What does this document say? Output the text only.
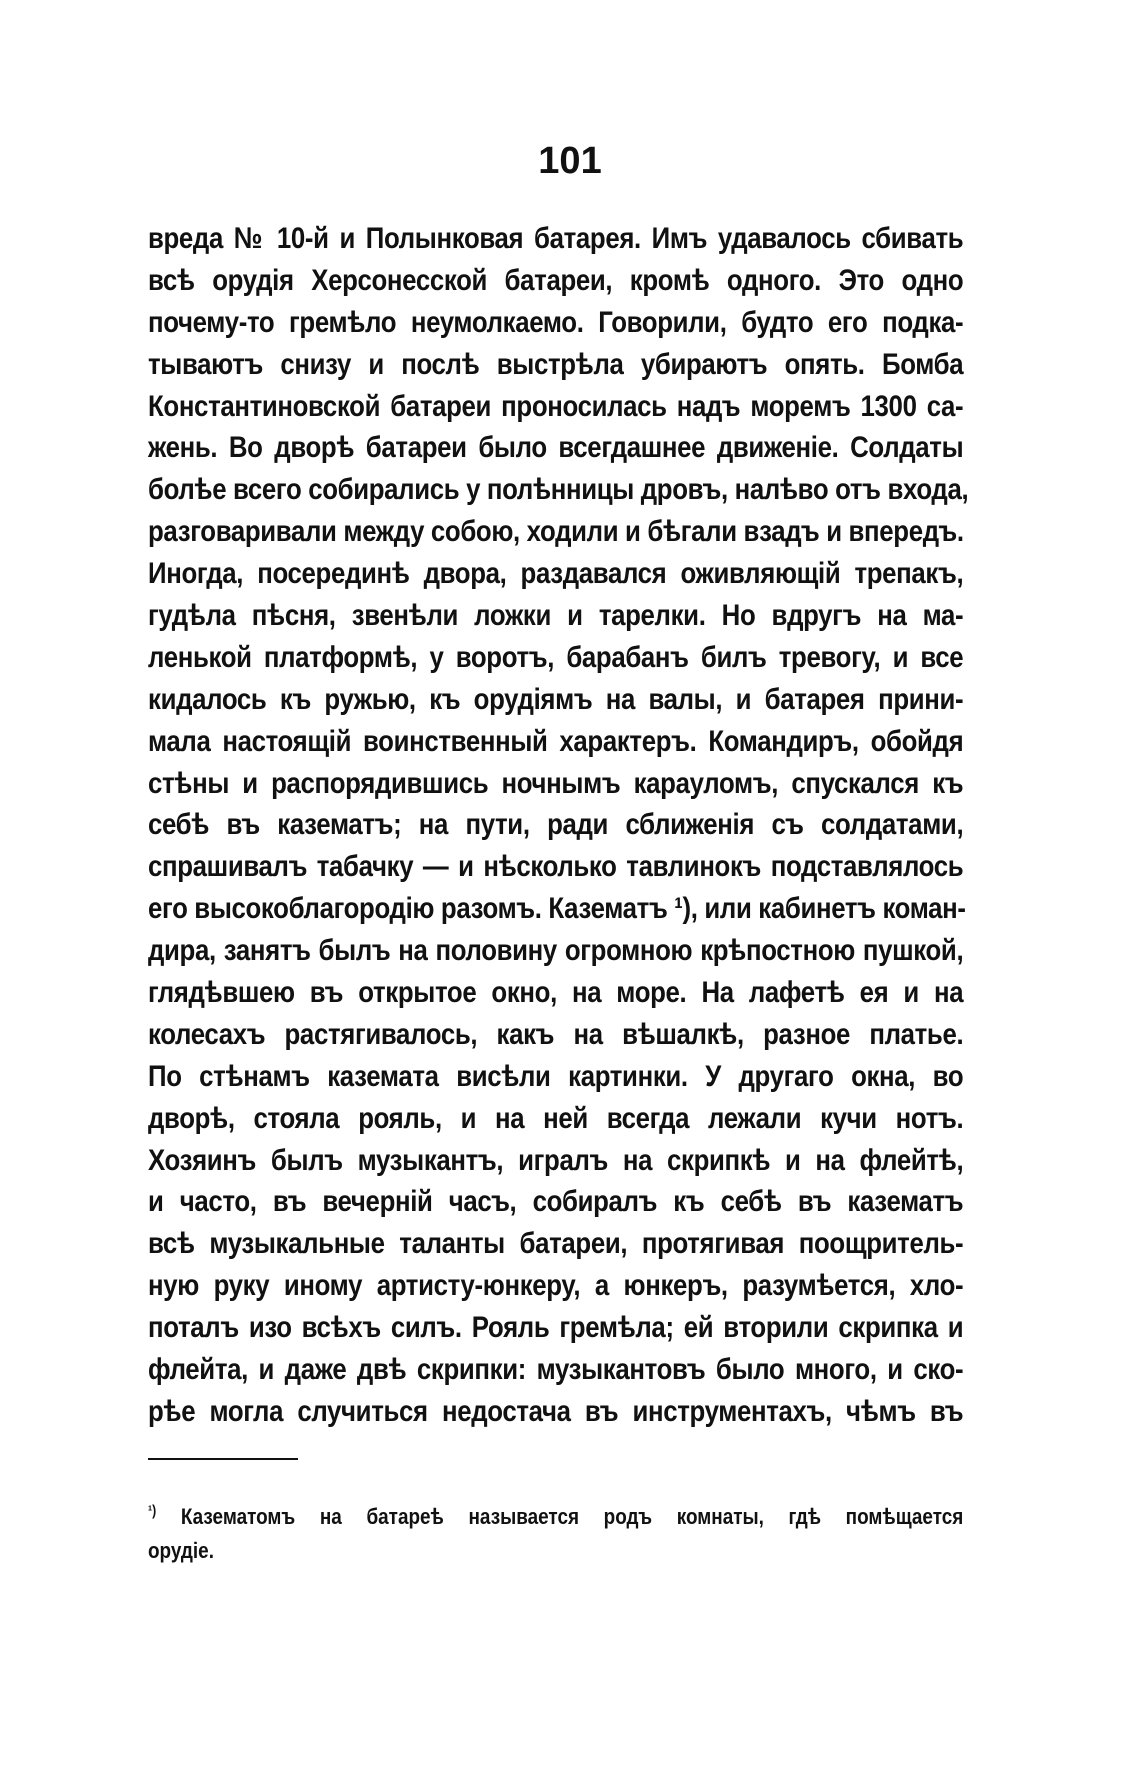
101
вреда № 10-й и Полынковая батарея. Имъ удавалось сбивать
всѣ орудія Херсонесской батареи, кромѣ одного. Это одно
почему-то гремѣло неумолкаемо. Говорили, будто его подка-
тываютъ снизу и послѣ выстрѣла убираютъ опять. Бомба
Константиновской батареи проносилась надъ моремъ 1300 са-
жень. Во дворѣ батареи было всегдашнее движеніе. Солдаты
болѣе всего собирались у полѣнницы дровъ, налѣво отъ входа,
разговаривали между собою, ходили и бѣгали взадъ и впередъ.
Иногда, посерединѣ двора, раздавался оживляющій трепакъ,
гудѣла пѣсня, звенѣли ложки и тарелки. Но вдругъ на ма-
ленькой платформѣ, у воротъ, барабанъ билъ тревогу, и все
кидалось къ ружью, къ орудіямъ на валы, и батарея прини-
мала настоящій воинственный характеръ. Командиръ, обойдя
стѣны и распорядившись ночнымъ карауломъ, спускался къ
себѣ въ казематъ; на пути, ради сближенія съ солдатами,
спрашивалъ табачку — и нѣсколько тавлинокъ подставлялось
его высокоблагородію разомъ. Казематъ ¹), или кабинетъ коман-
дира, занятъ былъ на половину огромною крѣпостною пушкой,
глядѣвшею въ открытое окно, на море. На лафетѣ ея и на
колесахъ растягивалось, какъ на вѣшалкѣ, разное платье.
По стѣнамъ каземата висѣли картинки. У другаго окна, во
дворѣ, стояла рояль, и на ней всегда лежали кучи нотъ.
Хозяинъ былъ музыкантъ, игралъ на скрипкѣ и на флейтѣ,
и часто, въ вечерній часъ, собиралъ къ себѣ въ казематъ
всѣ музыкальные таланты батареи, протягивая поощритель-
ную руку иному артисту-юнкеру, а юнкеръ, разумѣется, хло-
поталъ изо всѣхъ силъ. Рояль гремѣла; ей вторили скрипка и
флейта, и даже двѣ скрипки: музыкантовъ было много, и ско-
рѣе могла случиться недостача въ инструментахъ, чѣмъ въ
$^{^1)}$ Казематомъ на батареѣ называется родъ комнаты, гдѣ помѣщается
орудіе.
